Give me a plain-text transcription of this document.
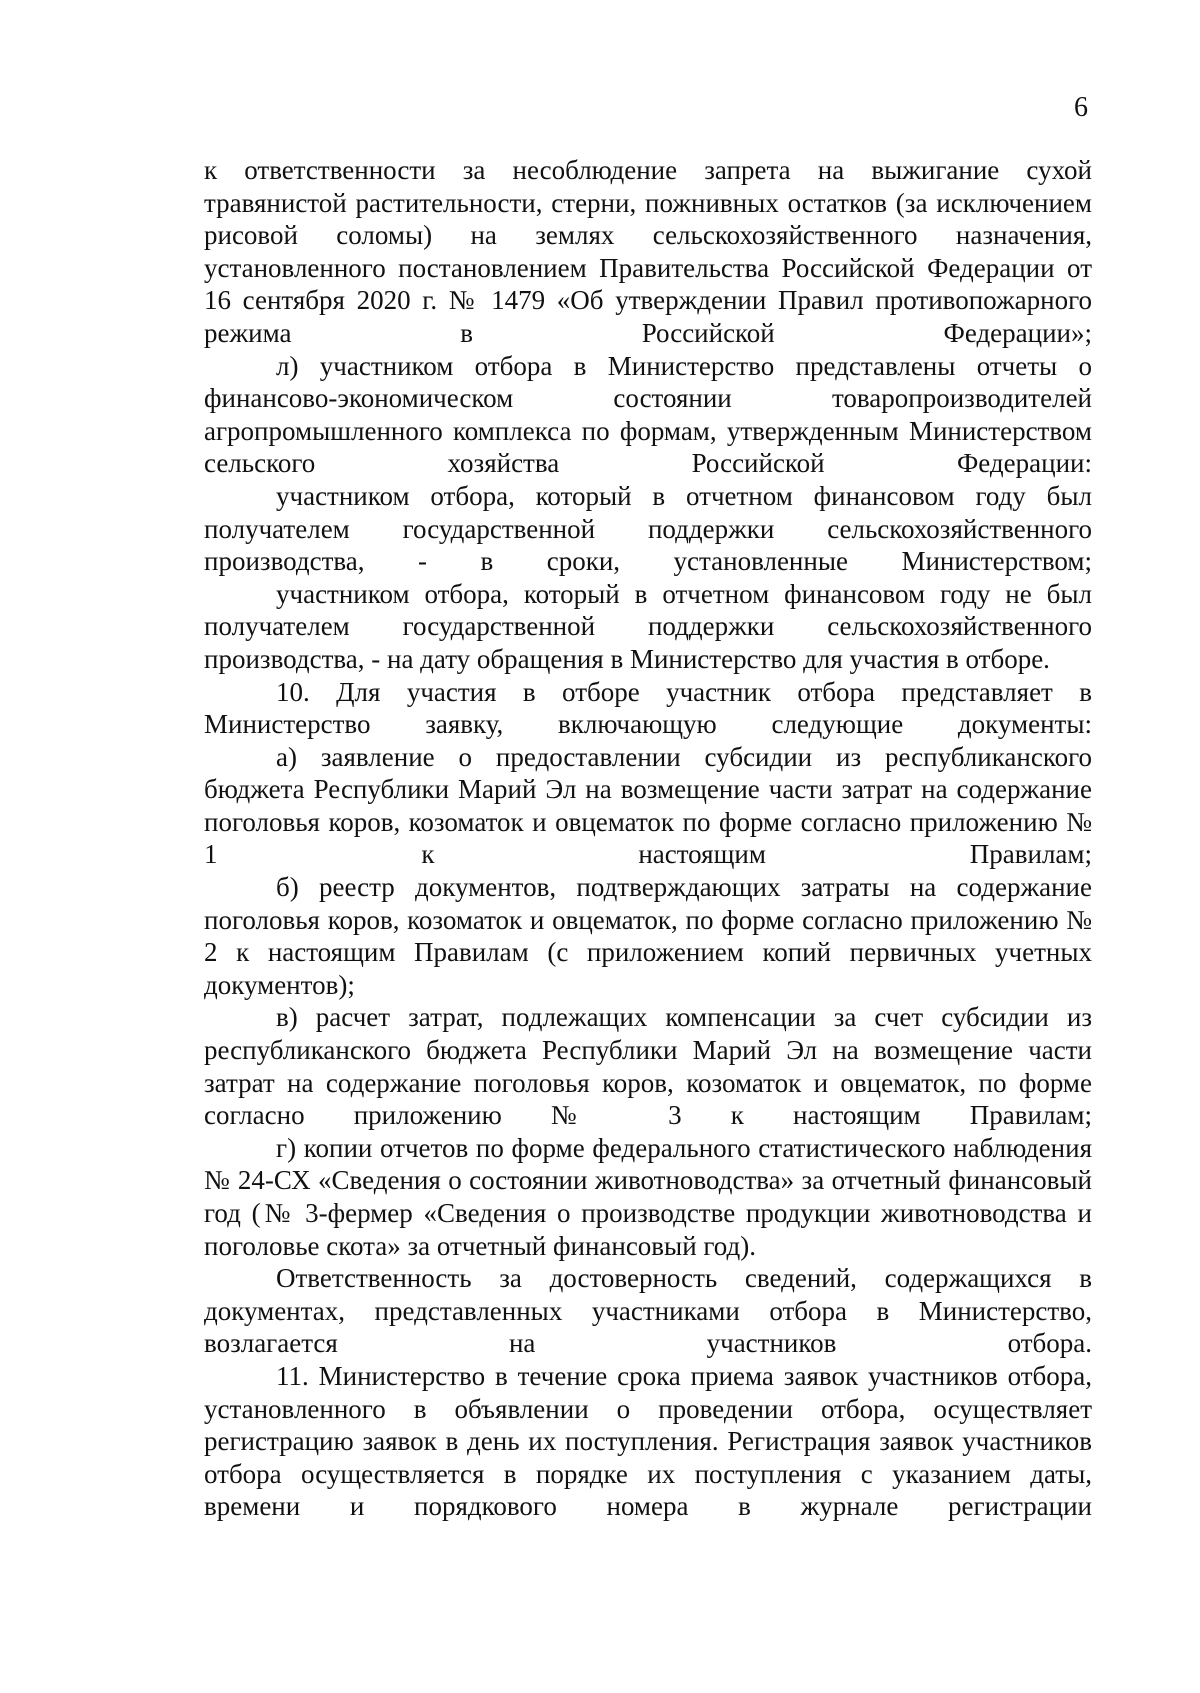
6

к ответственности за несоблюдение запрета на выжигание сухой травянистой растительности, стерни, пожнивных остатков (за исключением рисовой соломы) на землях сельскохозяйственного назначения, установленного постановлением Правительства Российской Федерации от 16 сентября 2020 г. № 1479 «Об утверждении Правил противопожарного режима в Российской Федерации»;

л) участником отбора в Министерство представлены отчеты о финансово-экономическом состоянии товаропроизводителей агропромышленного комплекса по формам, утвержденным Министерством сельского хозяйства Российской Федерации:

участником отбора, который в отчетном финансовом году был получателем государственной поддержки сельскохозяйственного производства, - в сроки, установленные Министерством;

участником отбора, который в отчетном финансовом году не был получателем государственной поддержки сельскохозяйственного производства, - на дату обращения в Министерство для участия в отборе.

10. Для участия в отборе участник отбора представляет в Министерство заявку, включающую следующие документы:

а) заявление о предоставлении субсидии из республиканского бюджета Республики Марий Эл на возмещение части затрат на содержание поголовья коров, козоматок и овцематок по форме согласно приложению № 1 к настоящим Правилам;

б) реестр документов, подтверждающих затраты на содержание поголовья коров, козоматок и овцематок, по форме согласно приложению № 2 к настоящим Правилам (с приложением копий первичных учетных документов);

в) расчет затрат, подлежащих компенсации за счет субсидии из республиканского бюджета Республики Марий Эл на возмещение части затрат на содержание поголовья коров, козоматок и овцематок, по форме согласно приложению № 3 к настоящим Правилам;

г) копии отчетов по форме федерального статистического наблюдения № 24-СХ «Сведения о состоянии животноводства» за отчетный финансовый год (№ 3-фермер «Сведения о производстве продукции животноводства и поголовье скота» за отчетный финансовый год).

Ответственность за достоверность сведений, содержащихся в документах, представленных участниками отбора в Министерство, возлагается на участников отбора.

11. Министерство в течение срока приема заявок участников отбора, установленного в объявлении о проведении отбора, осуществляет регистрацию заявок в день их поступления. Регистрация заявок участников отбора осуществляется в порядке их поступления с указанием даты, времени и порядкового номера в журнале регистрации
